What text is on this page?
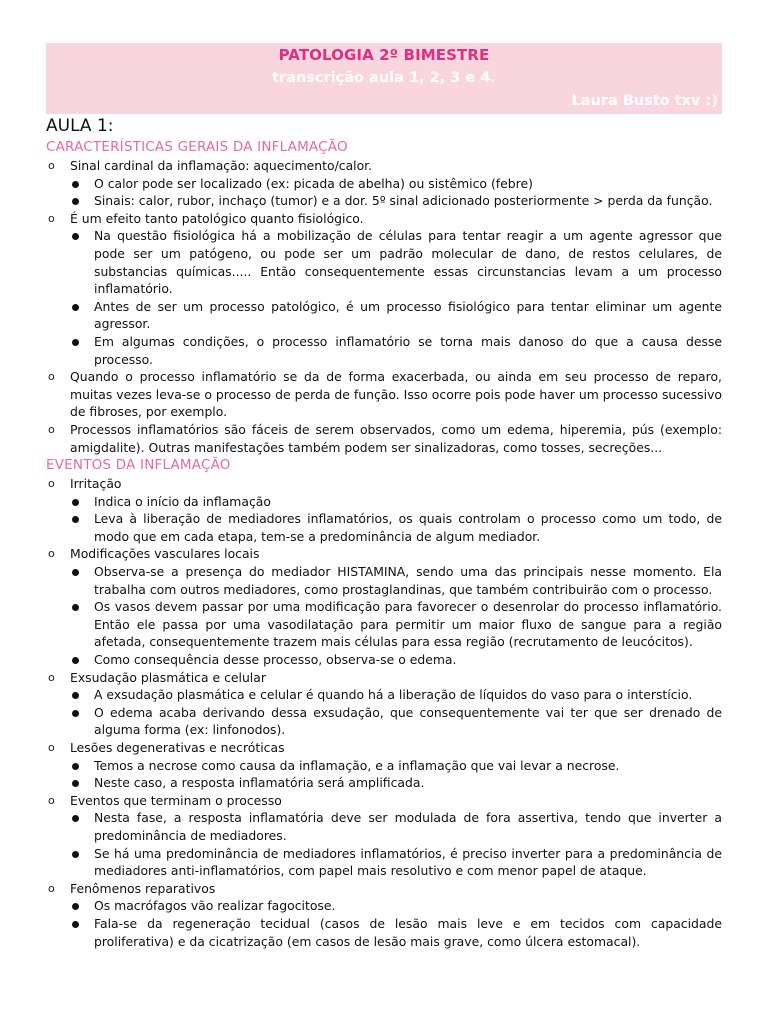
PATOLOGIA 2º BIMESTRE
transcrição aula 1, 2, 3 e 4.
Laura Busto txv :)
AULA 1:
CARACTERÍSTICAS GERAIS DA INFLAMAÇÃO
o Sinal cardinal da inflamação: aquecimento/calor.
O calor pode ser localizado (ex: picada de abelha) ou sistêmico (febre)
Sinais: calor, rubor, inchaço (tumor) e a dor. 5º sinal adicionado posteriormente > perda da função.
o É um efeito tanto patológico quanto fisiológico.
Na questão fisiológica há a mobilização de células para tentar reagir a um agente agressor que pode ser um patógeno, ou pode ser um padrão molecular de dano, de restos celulares, de substancias químicas..... Então consequentemente essas circunstancias levam a um processo inflamatório.
Antes de ser um processo patológico, é um processo fisiológico para tentar eliminar um agente agressor.
Em algumas condições, o processo inflamatório se torna mais danoso do que a causa desse processo.
o Quando o processo inflamatório se da de forma exacerbada, ou ainda em seu processo de reparo, muitas vezes leva-se o processo de perda de função. Isso ocorre pois pode haver um processo sucessivo de fibroses, por exemplo.
o Processos inflamatórios são fáceis de serem observados, como um edema, hiperemia, pús (exemplo: amigdalite). Outras manifestações também podem ser sinalizadoras, como tosses, secreções...
EVENTOS DA INFLAMAÇÃO
o Irritação
Indica o início da inflamação
Leva à liberação de mediadores inflamatórios, os quais controlam o processo como um todo, de modo que em cada etapa, tem-se a predominância de algum mediador.
o Modificações vasculares locais
Observa-se a presença do mediador HISTAMINA, sendo uma das principais nesse momento. Ela trabalha com outros mediadores, como prostaglandinas, que também contribuirão com o processo.
Os vasos devem passar por uma modificação para favorecer o desenrolar do processo inflamatório. Então ele passa por uma vasodilatação para permitir um maior fluxo de sangue para a região afetada, consequentemente trazem mais células para essa região (recrutamento de leucócitos).
Como consequência desse processo, observa-se o edema.
o Exsudação plasmática e celular
A exsudação plasmática e celular é quando há a liberação de líquidos do vaso para o interstício.
O edema acaba derivando dessa exsudação, que consequentemente vai ter que ser drenado de alguma forma (ex: linfonodos).
o Lesões degenerativas e necróticas
Temos a necrose como causa da inflamação, e a inflamação que vai levar a necrose.
Neste caso, a resposta inflamatória será amplificada.
o Eventos que terminam o processo
Nesta fase, a resposta inflamatória deve ser modulada de fora assertiva, tendo que inverter a predominância de mediadores.
Se há uma predominância de mediadores inflamatórios, é preciso inverter para a predominância de mediadores anti-inflamatórios, com papel mais resolutivo e com menor papel de ataque.
o Fenômenos reparativos
Os macrófagos vão realizar fagocitose.
Fala-se da regeneração tecidual (casos de lesão mais leve e em tecidos com capacidade proliferativa) e da cicatrização (em casos de lesão mais grave, como úlcera estomacal).
